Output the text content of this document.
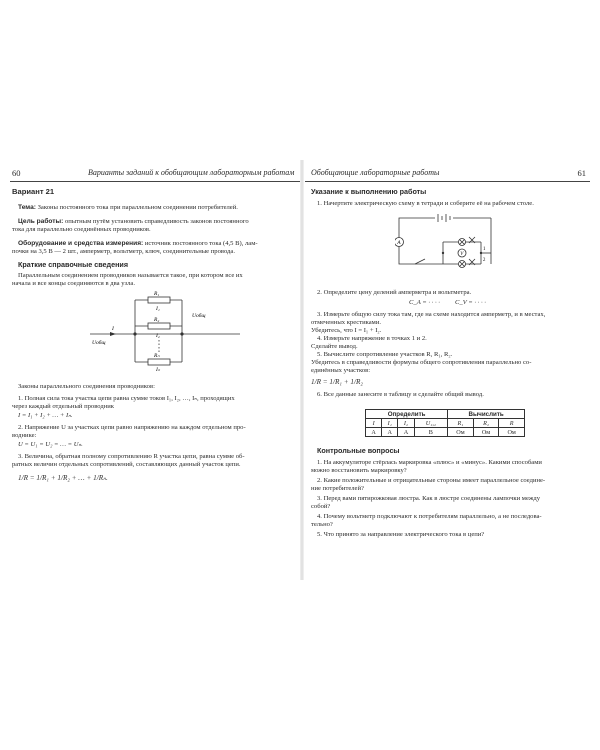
60	Варианты заданий к обобщающим лабораторным работам
Вариант 21
Тема: Законы постоянного тока при параллельном соединении потребителей.
Цель работы: опытным путём установить справедливость законов постоянного
тока для параллельно соединённых проводников.
Оборудование и средства измерения: источник постоянного тока (4,5 В), лам-
почки на 3,5 В — 2 шт., амперметр, вольтметр, ключ, соединительные провода.
Краткие справочные сведения
Параллельным соединением проводников называется такое, при котором все их
начала и все концы соединяются в два узла.
R₁
I₁
R₂
I₂
Rₙ
Iₙ
I
Uобщ
Uобщ
Законы параллельного соединения проводников:
1. Полная сила тока участка цепи равна сумме токов I₁, I₂, …, Iₙ, проходящих
через каждый отдельный проводник
I = I₁ + I₂ + … + Iₙ.
2. Напряжение U за участках цепи равно напряжению на каждом отдельном про-
воднике:
U = U₁ = U₂ = … = Uₙ.
3. Величина, обратная полному сопротивлению R участка цепи, равна сумме об-
ратных величин отдельных сопротивлений, составляющих данный участок цепи.
1/R = 1/R₁ + 1/R₂ + … + 1/Rₙ.
Обобщающие лабораторные работы	61
Указание к выполнению работы
1. Начертите электрическую схему в тетради и соберите её на рабочем столе.
A
V
1
2
2. Определите цену делений амперметра и вольтметра.
C_A = · · · · C_V = · · · ·
3. Измерьте общую силу тока там, где на схеме находится амперметр, и в местах,
отмеченных крестиками.
Убедитесь, что I = I₁ + I₂.
4. Измерьте напряжение в точках 1 и 2.
Сделайте вывод.
5. Вычислите сопротивление участков R, R₁, R₂.
Убедитесь в справедливости формулы общего сопротивления параллельно со-
единённых участков:
1/R = 1/R₁ + 1/R₂
6. Все данные занесите в таблицу и сделайте общий вывод.
Определить				Вычислить		
I	I₁	I₂	U₁,₂	R₁	R₂	R
А	А	А	В	Ом	Ом	Ом
Контрольные вопросы
1. На аккумуляторе стёрлась маркировка «плюс» и «минус». Какими способами
можно восстановить маркировку?
2. Какие положительные и отрицательные стороны имеет параллельное соедине-
ние потребителей?
3. Перед вами пятирожковая люстра. Как в люстре соединены лампочки между
собой?
4. Почему вольтметр подключают к потребителям параллельно, а не последова-
тельно?
5. Что принято за направление электрического тока в цепи?
